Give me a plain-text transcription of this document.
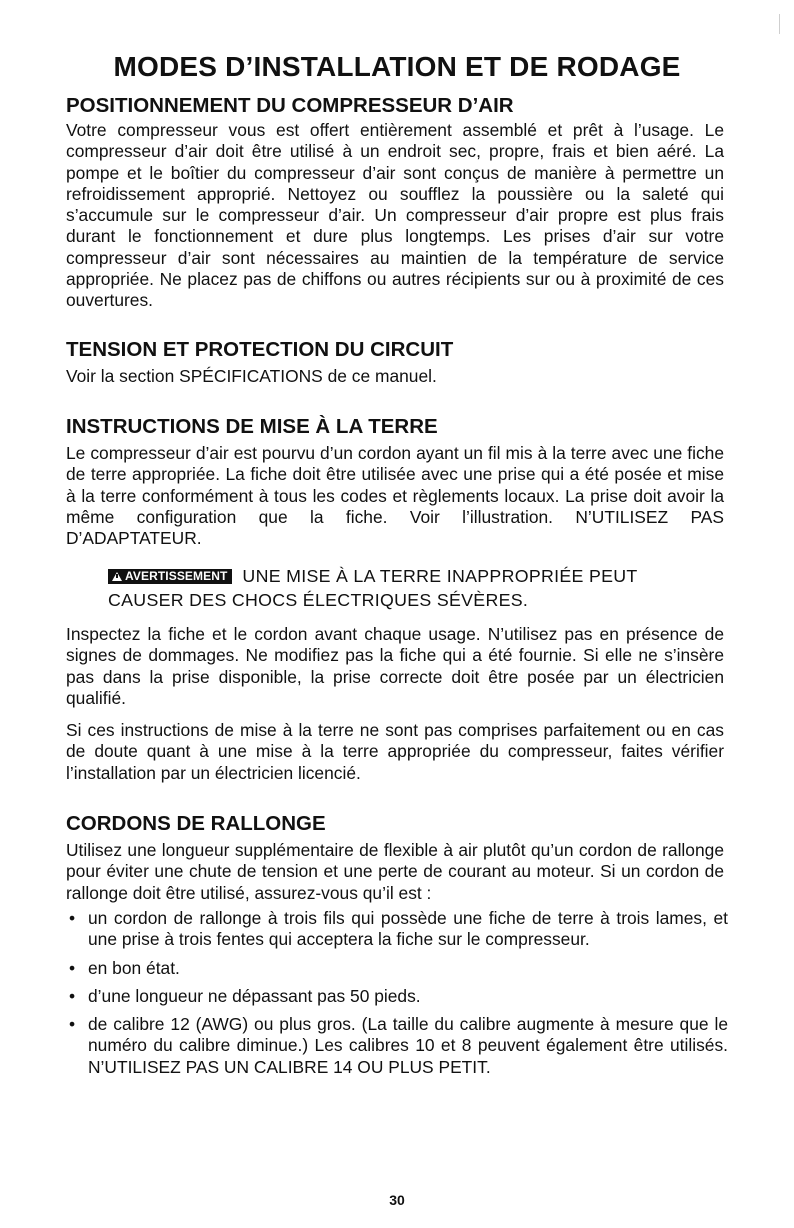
MODES D’INSTALLATION ET DE RODAGE
POSITIONNEMENT DU COMPRESSEUR D’AIR

Votre compresseur vous est offert entièrement assemblé et prêt à l’usage. Le compresseur d’air doit être utilisé à un endroit sec, propre, frais et bien aéré. La pompe et le boîtier du compresseur d’air sont conçus de manière à permettre un refroidissement approprié. Nettoyez ou soufflez la poussière ou la saleté qui s’accumule sur le compresseur d’air. Un compresseur d’air propre est plus frais durant le fonctionnement et dure plus longtemps. Les prises d’air sur votre compresseur d’air sont nécessaires au maintien de la température de service appropriée. Ne placez pas de chiffons ou autres récipients sur ou à proximité de ces ouvertures.

TENSION ET PROTECTION DU CIRCUIT

Voir la section SPÉCIFICATIONS de ce manuel.

INSTRUCTIONS DE MISE À LA TERRE

Le compresseur d’air est pourvu d’un cordon ayant un fil mis à la terre avec une fiche de terre appropriée. La fiche doit être utilisée avec une prise qui a été posée et mise à la terre conformément à tous les codes et règlements locaux. La prise doit avoir la même configuration que la fiche. Voir l’illustration. N’UTILISEZ PAS D’ADAPTATEUR.

AVERTISSEMENT UNE MISE À LA TERRE INAPPROPRIÉE PEUT
CAUSER DES CHOCS ÉLECTRIQUES SÉVÈRES.

Inspectez la fiche et le cordon avant chaque usage. N’utilisez pas en présence de signes de dommages. Ne modifiez pas la fiche qui a été fournie. Si elle ne s’insère pas dans la prise disponible, la prise correcte doit être posée par un électricien qualifié.

Si ces instructions de mise à la terre ne sont pas comprises parfaitement ou en cas de doute quant à une mise à la terre appropriée du compresseur, faites vérifier l’installation par un électricien licencié.

CORDONS DE RALLONGE

Utilisez une longueur supplémentaire de flexible à air plutôt qu’un cordon de rallonge pour éviter une chute de tension et une perte de courant au moteur. Si un cordon de rallonge doit être utilisé, assurez-vous qu’il est :

• un cordon de rallonge à trois fils qui possède une fiche de terre à trois lames, et une prise à trois fentes qui acceptera la fiche sur le compresseur.
• en bon état.
• d’une longueur ne dépassant pas 50 pieds.
• de calibre 12 (AWG) ou plus gros. (La taille du calibre augmente à mesure que le numéro du calibre diminue.) Les calibres 10 et 8 peuvent également être utilisés. N’UTILISEZ PAS UN CALIBRE 14 OU PLUS PETIT.

30
